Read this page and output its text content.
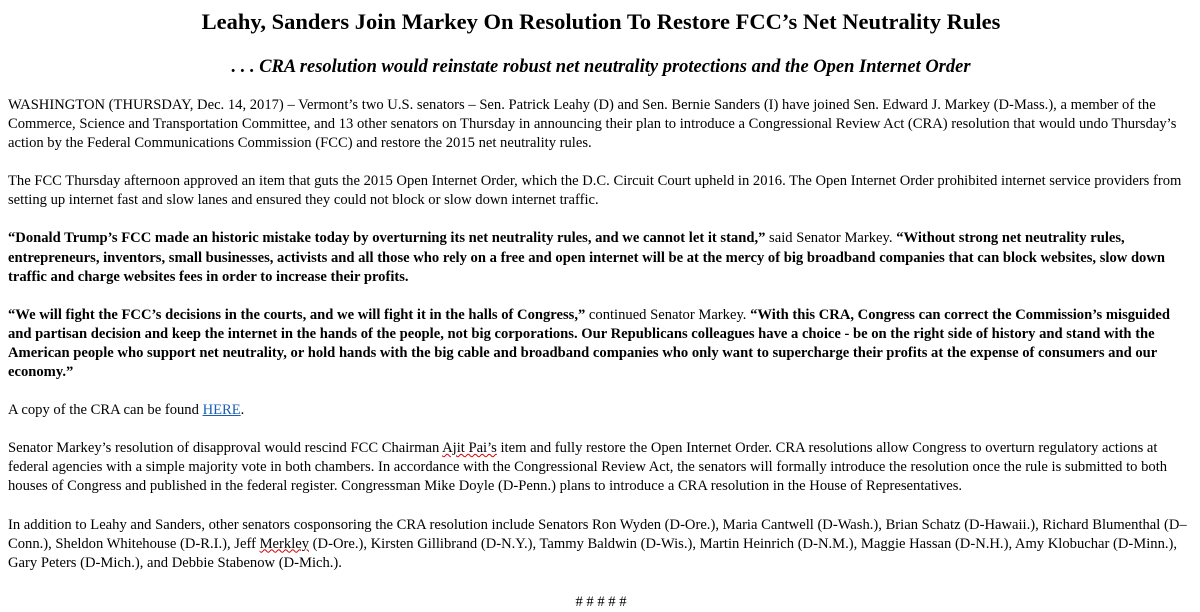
Leahy, Sanders Join Markey On Resolution To Restore FCC’s Net Neutrality Rules
. . . CRA resolution would reinstate robust net neutrality protections and the Open Internet Order

WASHINGTON (THURSDAY, Dec. 14, 2017) – Vermont’s two U.S. senators – Sen. Patrick Leahy (D) and Sen. Bernie Sanders (I) have joined Sen. Edward J. Markey (D-Mass.), a member of the Commerce, Science and Transportation Committee, and 13 other senators on Thursday in announcing their plan to introduce a Congressional Review Act (CRA) resolution that would undo Thursday’s action by the Federal Communications Commission (FCC) and restore the 2015 net neutrality rules.

The FCC Thursday afternoon approved an item that guts the 2015 Open Internet Order, which the D.C. Circuit Court upheld in 2016. The Open Internet Order prohibited internet service providers from setting up internet fast and slow lanes and ensured they could not block or slow down internet traffic.

“Donald Trump’s FCC made an historic mistake today by overturning its net neutrality rules, and we cannot let it stand,” said Senator Markey. “Without strong net neutrality rules, entrepreneurs, inventors, small businesses, activists and all those who rely on a free and open internet will be at the mercy of big broadband companies that can block websites, slow down traffic and charge websites fees in order to increase their profits.

“We will fight the FCC’s decisions in the courts, and we will fight it in the halls of Congress,” continued Senator Markey. “With this CRA, Congress can correct the Commission’s misguided and partisan decision and keep the internet in the hands of the people, not big corporations. Our Republicans colleagues have a choice - be on the right side of history and stand with the American people who support net neutrality, or hold hands with the big cable and broadband companies who only want to supercharge their profits at the expense of consumers and our economy.”

A copy of the CRA can be found HERE.

Senator Markey’s resolution of disapproval would rescind FCC Chairman Ajit Pai’s item and fully restore the Open Internet Order. CRA resolutions allow Congress to overturn regulatory actions at federal agencies with a simple majority vote in both chambers. In accordance with the Congressional Review Act, the senators will formally introduce the resolution once the rule is submitted to both houses of Congress and published in the federal register. Congressman Mike Doyle (D-Penn.) plans to introduce a CRA resolution in the House of Representatives.

In addition to Leahy and Sanders, other senators cosponsoring the CRA resolution include Senators Ron Wyden (D-Ore.), Maria Cantwell (D-Wash.), Brian Schatz (D-Hawaii.), Richard Blumenthal (D–Conn.), Sheldon Whitehouse (D-R.I.), Jeff Merkley (D-Ore.), Kirsten Gillibrand (D-N.Y.), Tammy Baldwin (D-Wis.), Martin Heinrich (D-N.M.), Maggie Hassan (D-N.H.), Amy Klobuchar (D-Minn.), Gary Peters (D-Mich.), and Debbie Stabenow (D-Mich.).

# # # # #
